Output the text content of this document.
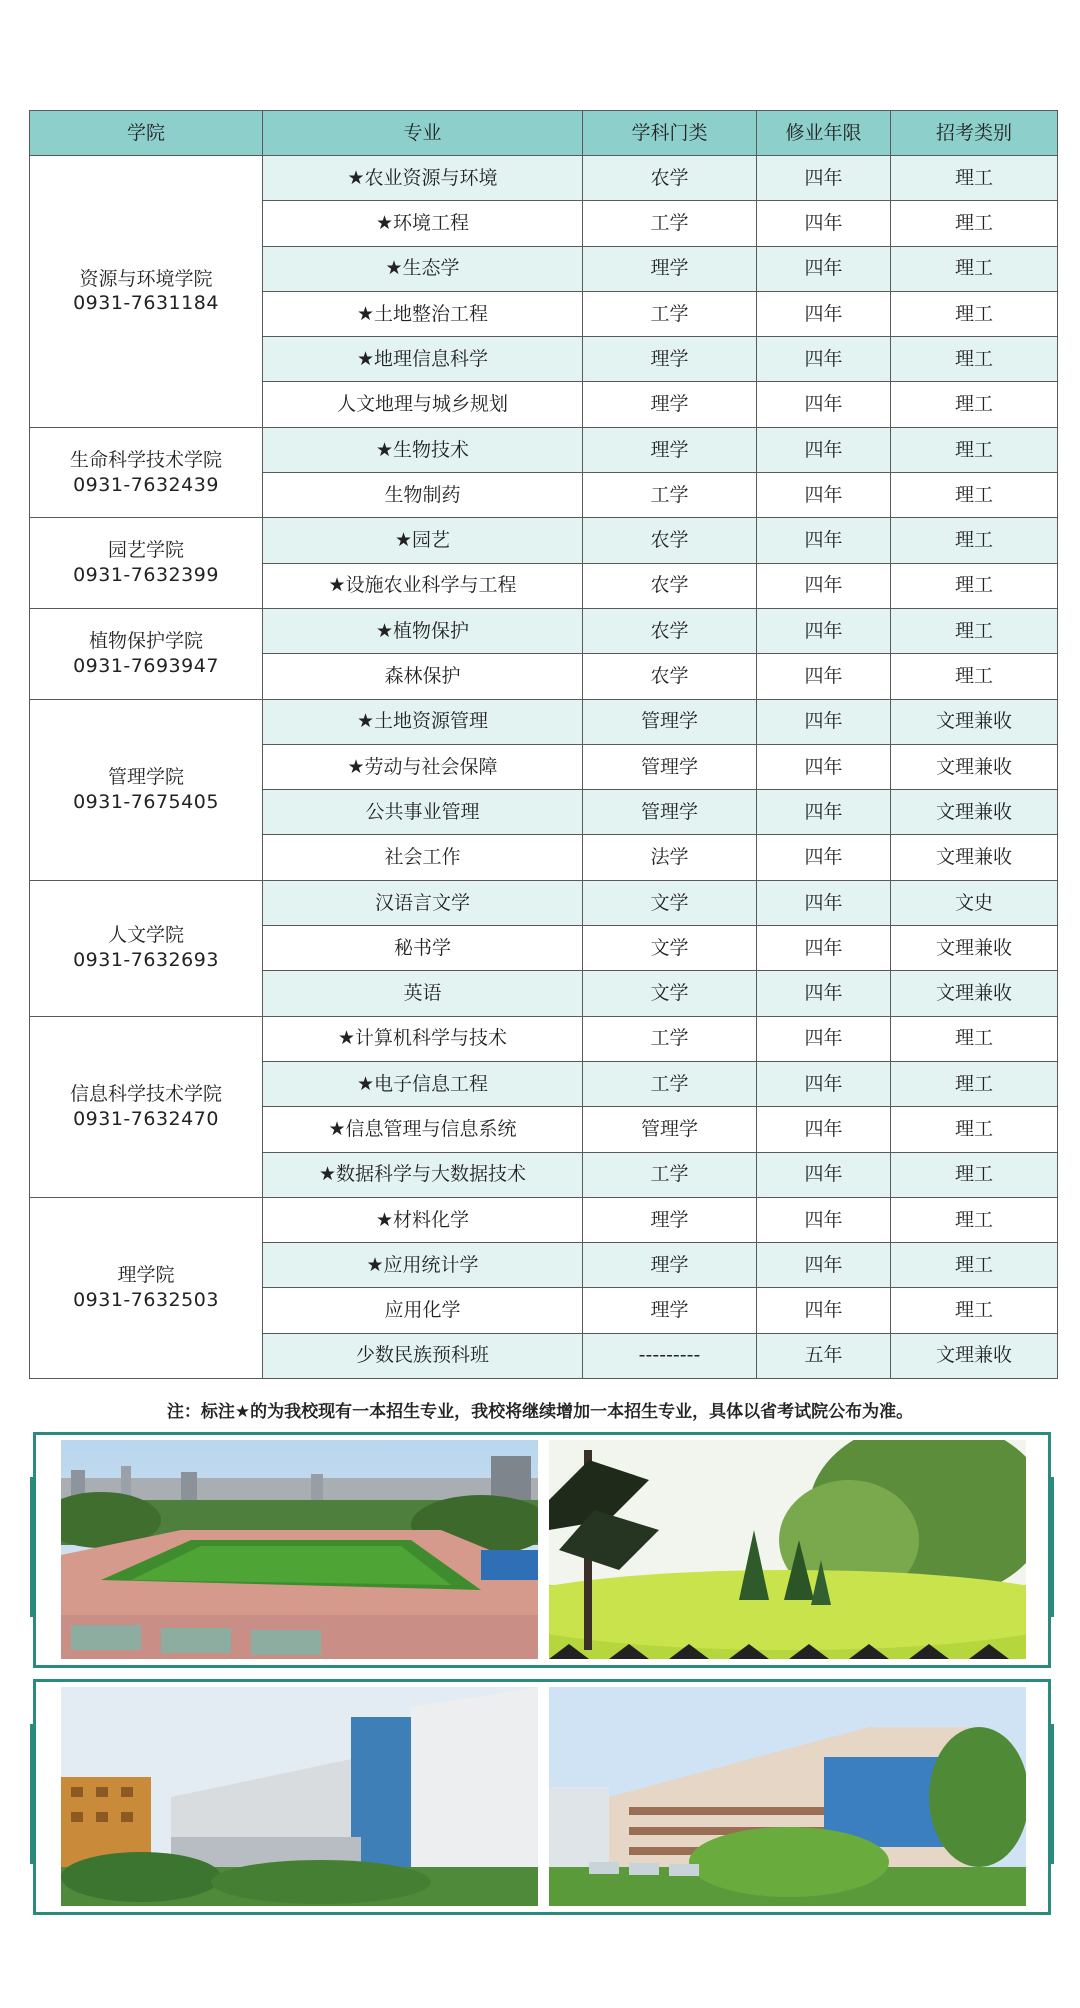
学院	专业	学科门类	修业年限	招考类别

资源与环境学院
0931-7631184	★农业资源与环境	农学	四年	理工
	★环境工程	工学	四年	理工
	★生态学	理学	四年	理工
	★土地整治工程	工学	四年	理工
	★地理信息科学	理学	四年	理工
	人文地理与城乡规划	理学	四年	理工

生命科学技术学院
0931-7632439	★生物技术	理学	四年	理工
	生物制药	工学	四年	理工

园艺学院
0931-7632399	★园艺	农学	四年	理工
	★设施农业科学与工程	农学	四年	理工

植物保护学院
0931-7693947	★植物保护	农学	四年	理工
	森林保护	农学	四年	理工

管理学院
0931-7675405	★土地资源管理	管理学	四年	文理兼收
	★劳动与社会保障	管理学	四年	文理兼收
	公共事业管理	管理学	四年	文理兼收
	社会工作	法学	四年	文理兼收

人文学院
0931-7632693	汉语言文学	文学	四年	文史
	秘书学	文学	四年	文理兼收
	英语	文学	四年	文理兼收

信息科学技术学院
0931-7632470	★计算机科学与技术	工学	四年	理工
	★电子信息工程	工学	四年	理工
	★信息管理与信息系统	管理学	四年	理工
	★数据科学与大数据技术	工学	四年	理工

理学院
0931-7632503	★材料化学	理学	四年	理工
	★应用统计学	理学	四年	理工
	应用化学	理学	四年	理工
	少数民族预科班	---------	五年	文理兼收
注：标注★的为我校现有一本招生专业，我校将继续增加一本招生专业，具体以省考试院公布为准。
